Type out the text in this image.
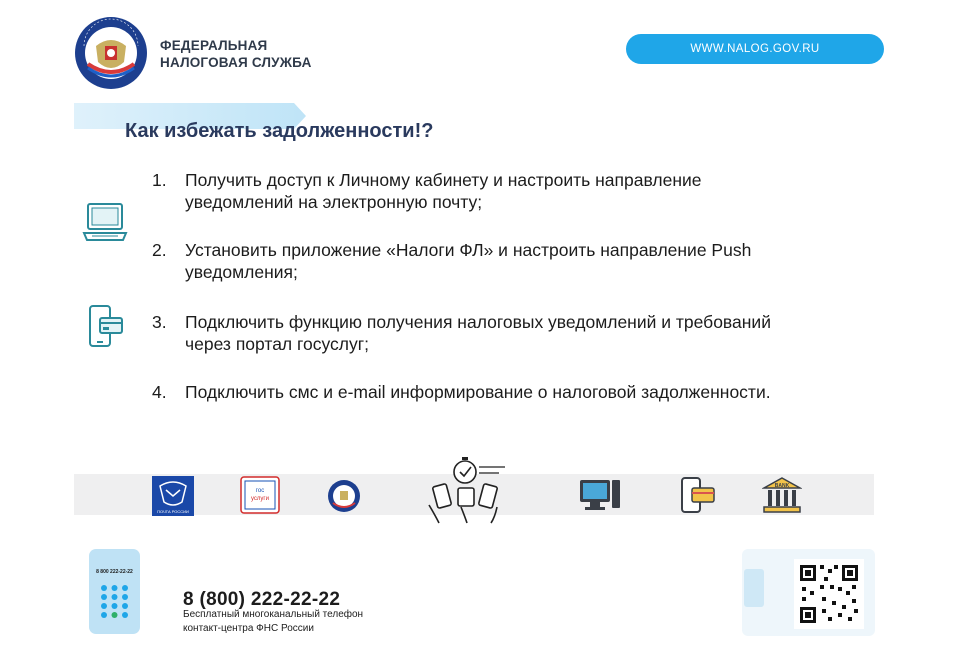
ФЕДЕРАЛЬНАЯ
НАЛОГОВАЯ СЛУЖБА
WWW.NALOG.GOV.RU
Как избежать задолженности!?
1.	Получить доступ к Личному кабинету и настроить направление
уведомлений на электронную почту;
2.	Установить приложение «Налоги ФЛ» и настроить направление Push
уведомления;
3.	Подключить функцию получения налоговых уведомлений и требований
через портал госуслуг;
4.	Подключить смс и e-mail информирование о налоговой задолженности.
ПОЧТА РОССИИ
гос
услуги
BANK
8 800 222-22-22
8 (800) 222-22-22
Бесплатный многоканальный телефон
контакт-центра ФНС России
